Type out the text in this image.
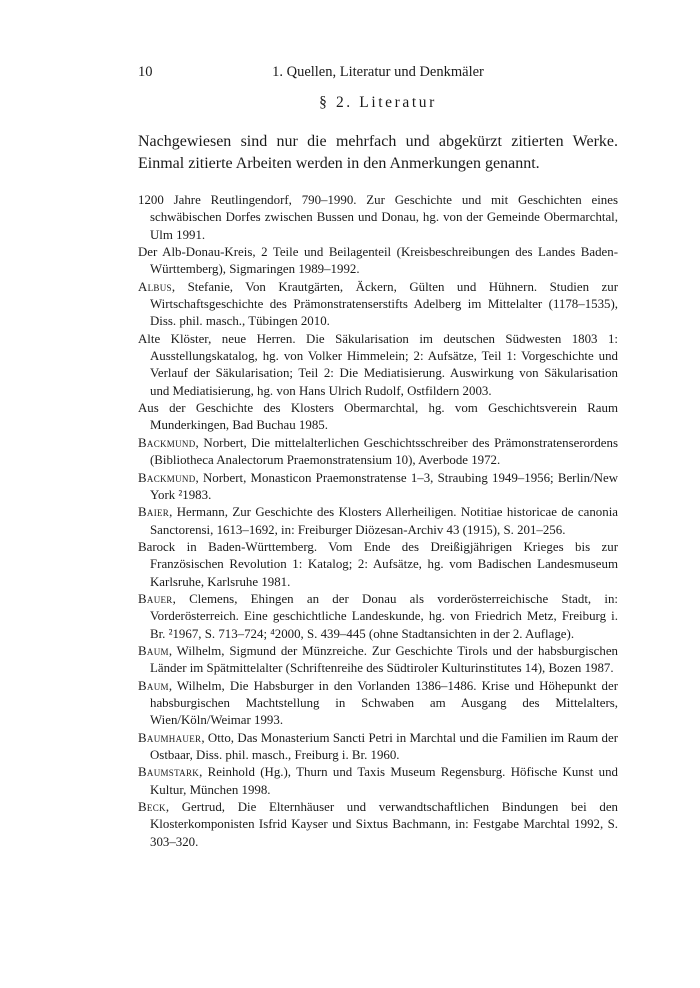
10	1. Quellen, Literatur und Denkmäler
§ 2. Literatur
Nachgewiesen sind nur die mehrfach und abgekürzt zitierten Werke. Einmal zitierte Arbeiten werden in den Anmerkungen genannt.
1200 Jahre Reutlingendorf, 790–1990. Zur Geschichte und mit Geschichten eines schwäbischen Dorfes zwischen Bussen und Donau, hg. von der Gemeinde Obermarchtal, Ulm 1991.
Der Alb-Donau-Kreis, 2 Teile und Beilagenteil (Kreisbeschreibungen des Landes Baden-Württemberg), Sigmaringen 1989–1992.
Albus, Stefanie, Von Krautgärten, Äckern, Gülten und Hühnern. Studien zur Wirtschaftsgeschichte des Prämonstratenserstifts Adelberg im Mittelalter (1178–1535), Diss. phil. masch., Tübingen 2010.
Alte Klöster, neue Herren. Die Säkularisation im deutschen Südwesten 1803 1: Ausstellungskatalog, hg. von Volker Himmelein; 2: Aufsätze, Teil 1: Vorgeschichte und Verlauf der Säkularisation; Teil 2: Die Mediatisierung. Auswirkung von Säkularisation und Mediatisierung, hg. von Hans Ulrich Rudolf, Ostfildern 2003.
Aus der Geschichte des Klosters Obermarchtal, hg. vom Geschichtsverein Raum Munderkingen, Bad Buchau 1985.
Backmund, Norbert, Die mittelalterlichen Geschichtsschreiber des Prämonstratenserordens (Bibliotheca Analectorum Praemonstratensium 10), Averbode 1972.
Backmund, Norbert, Monasticon Praemonstratense 1–3, Straubing 1949–1956; Berlin/New York ²1983.
Baier, Hermann, Zur Geschichte des Klosters Allerheiligen. Notitiae historicae de canonia Sanctorensi, 1613–1692, in: Freiburger Diözesan-Archiv 43 (1915), S. 201–256.
Barock in Baden-Württemberg. Vom Ende des Dreißigjährigen Krieges bis zur Französischen Revolution 1: Katalog; 2: Aufsätze, hg. vom Badischen Landesmuseum Karlsruhe, Karlsruhe 1981.
Bauer, Clemens, Ehingen an der Donau als vorderösterreichische Stadt, in: Vorderösterreich. Eine geschichtliche Landeskunde, hg. von Friedrich Metz, Freiburg i. Br. ²1967, S. 713–724; ⁴2000, S. 439–445 (ohne Stadtansichten in der 2. Auflage).
Baum, Wilhelm, Sigmund der Münzreiche. Zur Geschichte Tirols und der habsburgischen Länder im Spätmittelalter (Schriftenreihe des Südtiroler Kulturinstitutes 14), Bozen 1987.
Baum, Wilhelm, Die Habsburger in den Vorlanden 1386–1486. Krise und Höhepunkt der habsburgischen Machtstellung in Schwaben am Ausgang des Mittelalters, Wien/Köln/Weimar 1993.
Baumhauer, Otto, Das Monasterium Sancti Petri in Marchtal und die Familien im Raum der Ostbaar, Diss. phil. masch., Freiburg i. Br. 1960.
Baumstark, Reinhold (Hg.), Thurn und Taxis Museum Regensburg. Höfische Kunst und Kultur, München 1998.
Beck, Gertrud, Die Elternhäuser und verwandtschaftlichen Bindungen bei den Klosterkomponisten Isfrid Kayser und Sixtus Bachmann, in: Festgabe Marchtal 1992, S. 303–320.
